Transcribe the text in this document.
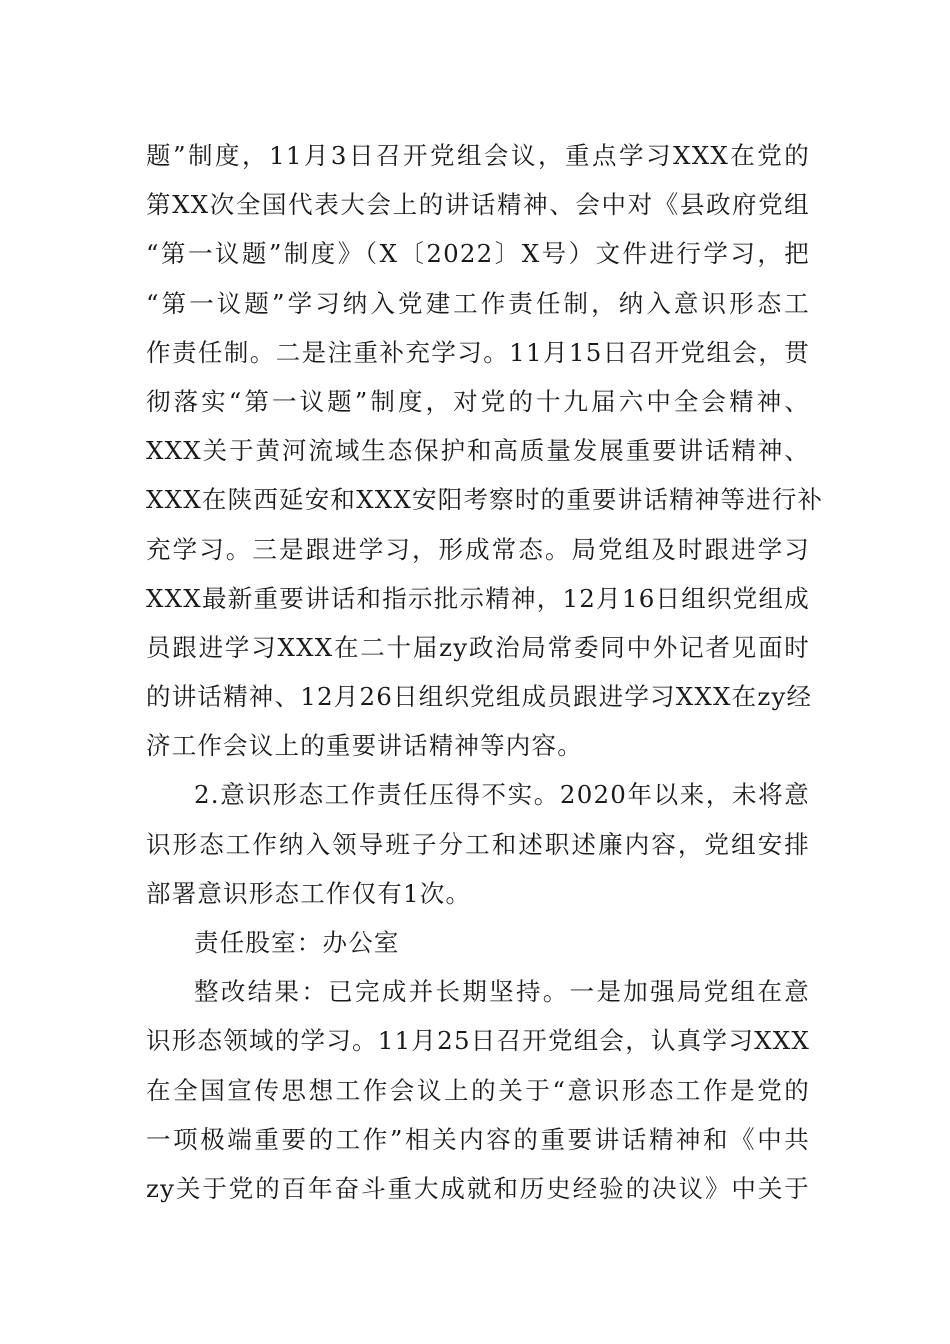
题”制度，11月3日召开党组会议，重点学习XXX在党的
第XX次全国代表大会上的讲话精神、会中对《县政府党组
“第一议题”制度》（X〔2022〕X号）文件进行学习，把
“第一议题”学习纳入党建工作责任制，纳入意识形态工
作责任制。二是注重补充学习。11月15日召开党组会，贯
彻落实“第一议题”制度，对党的十九届六中全会精神、
XXX关于黄河流域生态保护和高质量发展重要讲话精神、
XXX在陕西延安和XXX安阳考察时的重要讲话精神等进行补
充学习。三是跟进学习，形成常态。局党组及时跟进学习
XXX最新重要讲话和指示批示精神，12月16日组织党组成
员跟进学习XXX在二十届zy政治局常委同中外记者见面时
的讲话精神、12月26日组织党组成员跟进学习XXX在zy经
济工作会议上的重要讲话精神等内容。
2.意识形态工作责任压得不实。2020年以来，未将意
识形态工作纳入领导班子分工和述职述廉内容，党组安排
部署意识形态工作仅有1次。
责任股室：办公室
整改结果：已完成并长期坚持。一是加强局党组在意
识形态领域的学习。11月25日召开党组会，认真学习XXX
在全国宣传思想工作会议上的关于“意识形态工作是党的
一项极端重要的工作”相关内容的重要讲话精神和《中共
zy关于党的百年奋斗重大成就和历史经验的决议》中关于
